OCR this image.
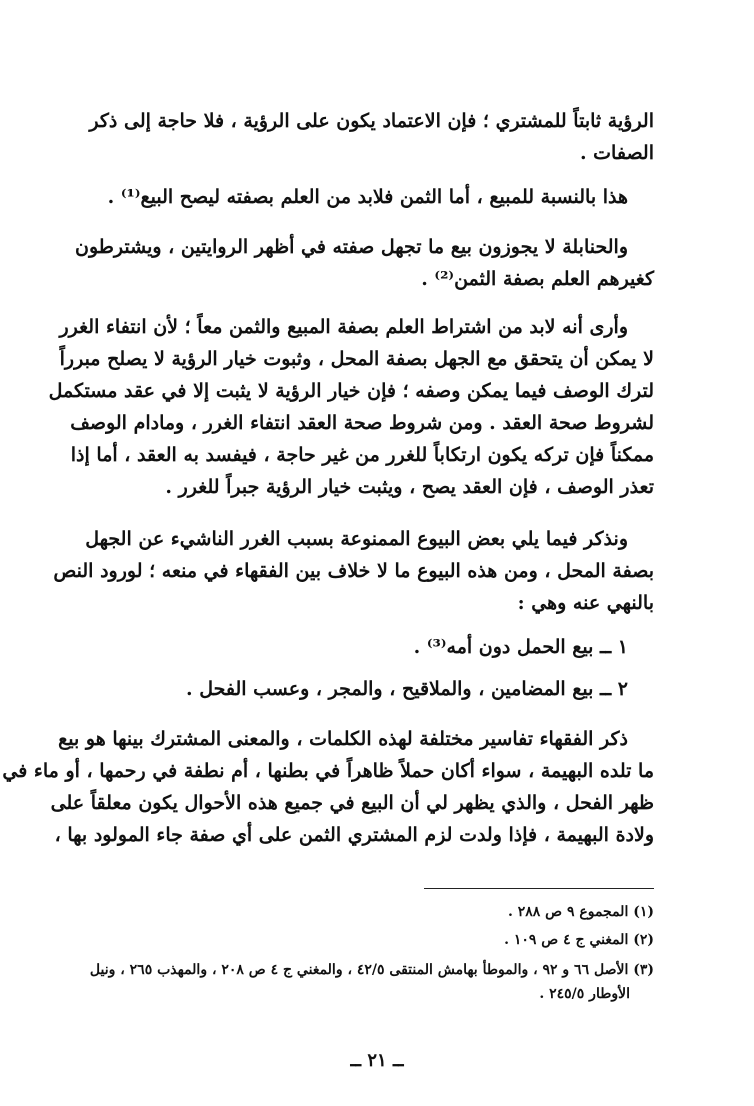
الرؤية ثابتاً للمشتري ؛ فإن الاعتماد يكون على الرؤية ، فلا حاجة إلى ذكر
الصفات .
هذا بالنسبة للمبيع ، أما الثمن فلابد من العلم بصفته ليصح البيع⁽¹⁾ .
والحنابلة لا يجوزون بيع ما تجهل صفته في أظهر الروايتين ، ويشترطون
كغيرهم العلم بصفة الثمن⁽²⁾ .
وأرى أنه لابد من اشتراط العلم بصفة المبيع والثمن معاً ؛ لأن انتفاء الغرر
لا يمكن أن يتحقق مع الجهل بصفة المحل ، وثبوت خيار الرؤية لا يصلح مبرراً
لترك الوصف فيما يمكن وصفه ؛ فإن خيار الرؤية لا يثبت إلا في عقد مستكمل
لشروط صحة العقد . ومن شروط صحة العقد انتفاء الغرر ، ومادام الوصف
ممكناً فإن تركه يكون ارتكاباً للغرر من غير حاجة ، فيفسد به العقد ، أما إذا
تعذر الوصف ، فإن العقد يصح ، ويثبت خيار الرؤية جبراً للغرر .
ونذكر فيما يلي بعض البيوع الممنوعة بسبب الغرر الناشيء عن الجهل
بصفة المحل ، ومن هذه البيوع ما لا خلاف بين الفقهاء في منعه ؛ لورود النص
بالنهي عنه وهي :
١ ــ بيع الحمل دون أمه⁽³⁾ .
٢ ــ بيع المضامين ، والملاقيح ، والمجر ، وعسب الفحل .
ذكر الفقهاء تفاسير مختلفة لهذه الكلمات ، والمعنى المشترك بينها هو بيع
ما تلده البهيمة ، سواء أكان حملاً ظاهراً في بطنها ، أم نطفة في رحمها ، أو ماء في
ظهر الفحل ، والذي يظهر لي أن البيع في جميع هذه الأحوال يكون معلقاً على
ولادة البهيمة ، فإذا ولدت لزم المشتري الثمن على أي صفة جاء المولود بها ،
(١) المجموع ٩ ص ٢٨٨ .
(٢) المغني ج ٤ ص ١٠٩ .
(٣) الأصل ٦٦ و ٩٢ ، والموطأ بهامش المنتقى ٤٢/٥ ، والمغني ج ٤ ص ٢٠٨ ، والمهذب ٢٦٥ ، ونيل
الأوطار ٢٤٥/٥ .
ــ ٢١ ــ
